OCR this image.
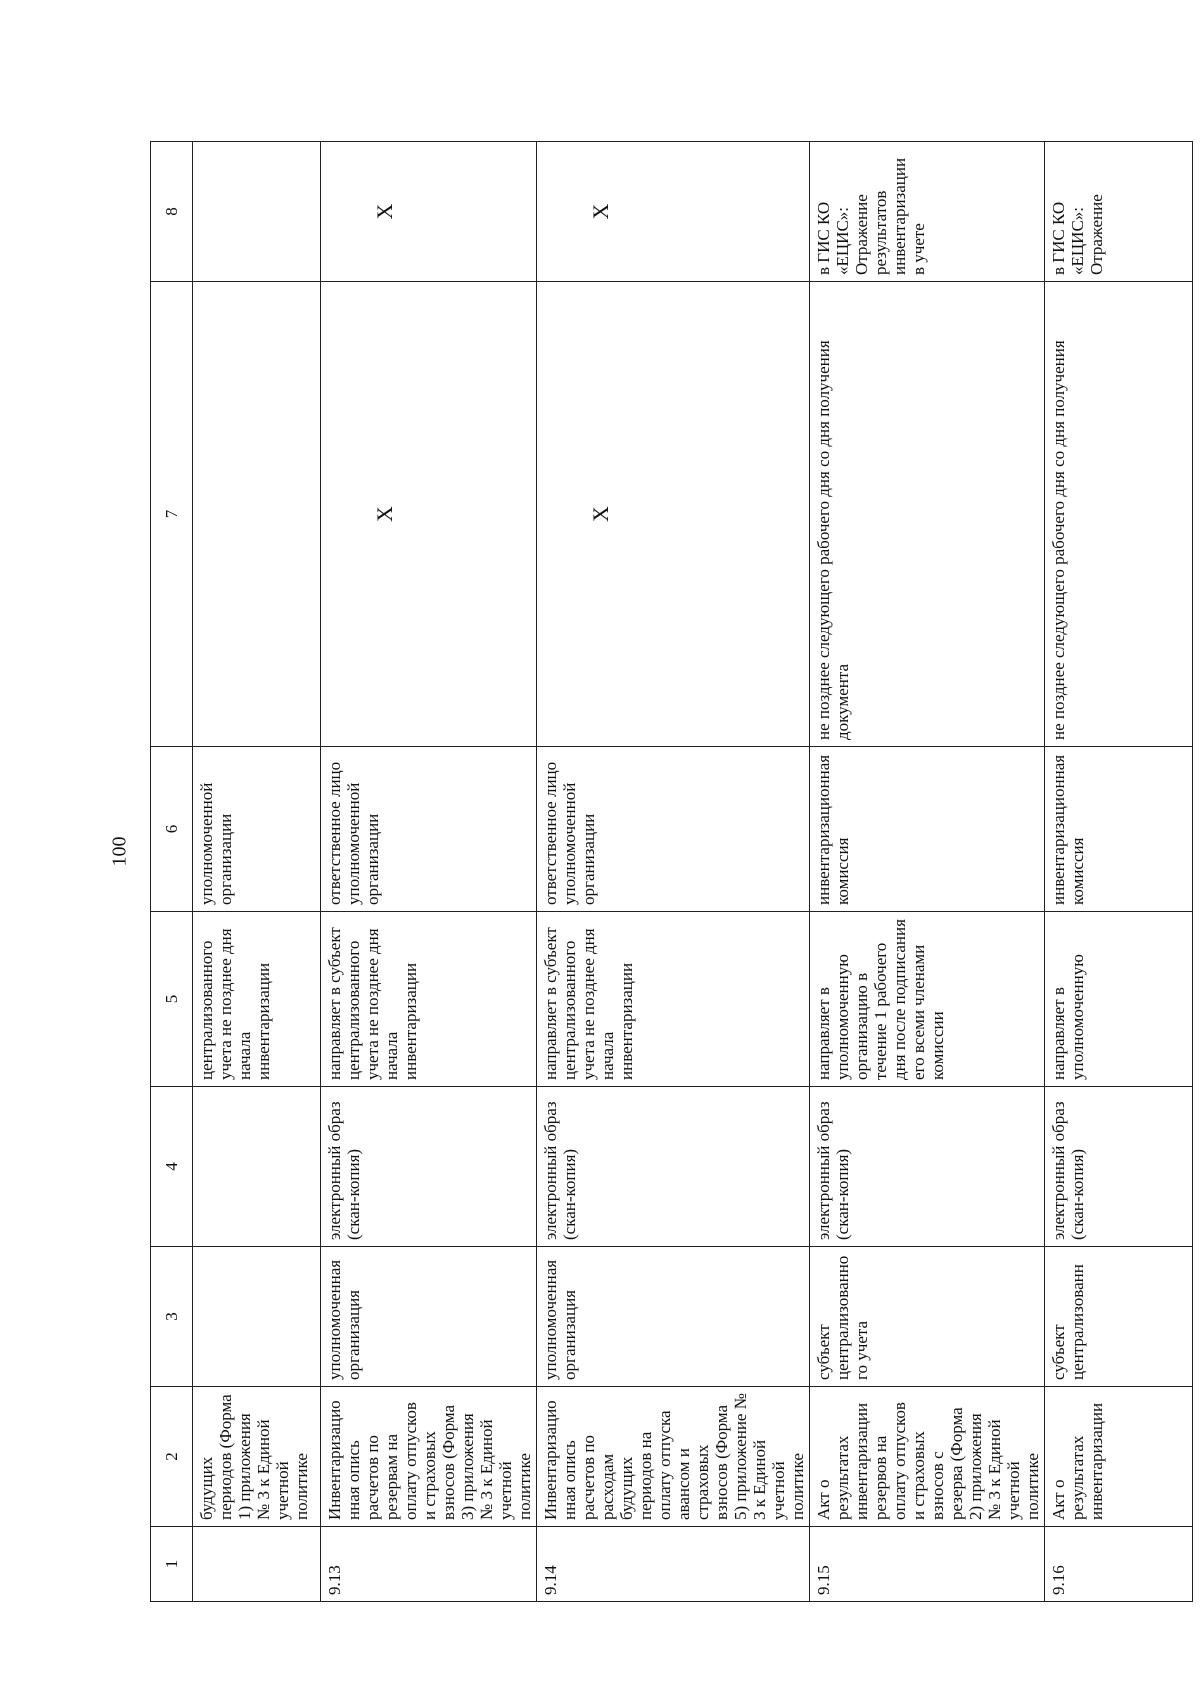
100
1	2	3	4	5	6	7	8
	будущих периодов (Форма 1) приложения № 3 к Единой учетной политике			централизованного учета не позднее дня начала инвентаризации	уполномоченной организации		
9.13	Инвентаризационная опись расчетов по резервам на оплату отпусков и страховых взносов (Форма 3) приложения № 3 к Единой учетной политике	уполномоченная организация	электронный образ (скан-копия)	направляет в субъект централизованного учета не позднее дня начала инвентаризации	ответственное лицо уполномоченной организации	X	X

9.14	Инвентаризационная опись расчетов по расходам будущих периодов на оплату отпуска авансом и страховых взносов (Форма 5) приложение № 3 к Единой учетной политике	уполномоченная организация	электронный образ (скан-копия)	направляет в субъект централизованного учета не позднее дня начала инвентаризации	ответственное лицо уполномоченной организации	X	X

9.15	Акт о результатах инвентаризации резервов на оплату отпусков и страховых взносов с резерва (Форма 2) приложения № 3 к Единой учетной политике	субъект централизованного учета	электронный образ (скан-копия)	направляет в уполномоченную организацию в течение 1 рабочего дня после подписания его всеми членами комиссии	инвентаризационная комиссия	не позднее следующего рабочего дня со дня получения документа	в ГИС КО «ЕЦИС»: Отражение результатов инвентаризации в учете
9.16	Акт о результатах инвентаризации	субъект централизованн	электронный образ (скан-копия)	направляет в уполномоченную	инвентаризационная комиссия	не позднее следующего рабочего дня со дня получения	в ГИС КО «ЕЦИС»: Отражение
